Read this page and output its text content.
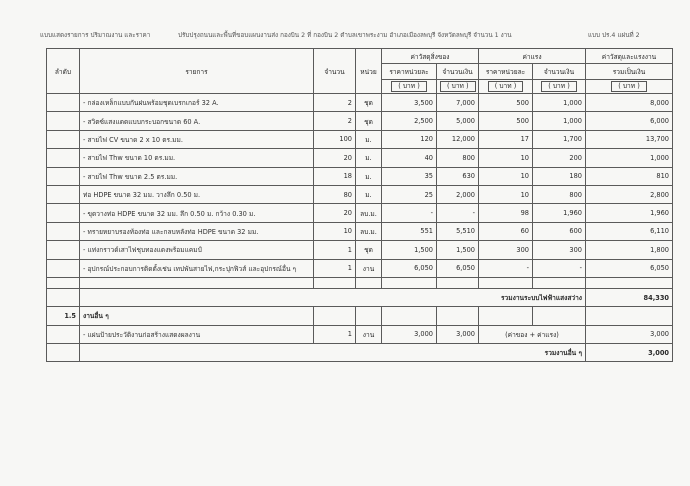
แบบแสดงรายการ ปริมาณงาน และราคา	ปรับปรุงถนนและพื้นที่ขอบแผนงานส่ง กองบิน 2 ที่ กองบิน 2 ตำบลเขาพระงาม อำเภอเมืองลพบุรี จังหวัดลพบุรี จำนวน 1 งาน	แบบ ปร.4 แผ่นที่ 2
ลำดับ	รายการ	จำนวน	หน่วย	ค่าวัสดุสิ่งของ		ค่าแรง		ค่าวัสดุและแรงงาน
				ราคาหน่วยละ	จำนวนเงิน	ราคาหน่วยละ	จำนวนเงิน	รวมเป็นเงิน
				( บาท )	( บาท )	( บาท )	( บาท )	( บาท )
	- กล่องเหล็กแบบกันฝนพร้อมชุดเบรกเกอร์ 32 A.	2	ชุด	3,500	7,000	500	1,000	8,000
	- สวิตซ์แสงแดดแบบกระบอกขนาด 60 A.	2	ชุด	2,500	5,000	500	1,000	6,000
	- สายไฟ CV ขนาด 2 x 10 ตร.มม.	100	ม.	120	12,000	17	1,700	13,700
	- สายไฟ Thw ขนาด 10 ตร.มม.	20	ม.	40	800	10	200	1,000
	- สายไฟ Thw ขนาด 2.5 ตร.มม.	18	ม.	35	630	10	180	810
	ท่อ HDPE ขนาด 32 มม. วางลึก 0.50 ม.	80	ม.	25	2,000	10	800	2,800
	- ขุดวางท่อ HDPE ขนาด 32 มม. ลึก 0.50 ม. กว้าง 0.30 ม.	20	ลบ.ม.	-	-	98	1,960	1,960
	- ทรายหยาบรองท้องท่อ และกลบหลังท่อ HDPE ขนาด 32 มม.	10	ลบ.ม.	551	5,510	60	600	6,110
	- แท่งกราวด์เสาไฟชุบทองแดงพร้อมแคมป์	1	ชุด	1,500	1,500	300	300	1,800
	- อุปกรณ์ประกอบการติดตั้งเช่น เทปพันสายไฟ,กระปุกฟิวส์ และอุปกรณ์อื่น ๆ	1	งาน	6,050	6,050	-	-	6,050

	รวมงานระบบไฟฟ้าแสงสว่าง							84,330
1.5	งานอื่น ๆ							
	- แผ่นป้ายประวัติงานก่อสร้างแสดงผลงาน	1	งาน	3,000	3,000	(ค่าของ + ค่าแรง)		3,000
	รวมงานอื่น ๆ							3,000
